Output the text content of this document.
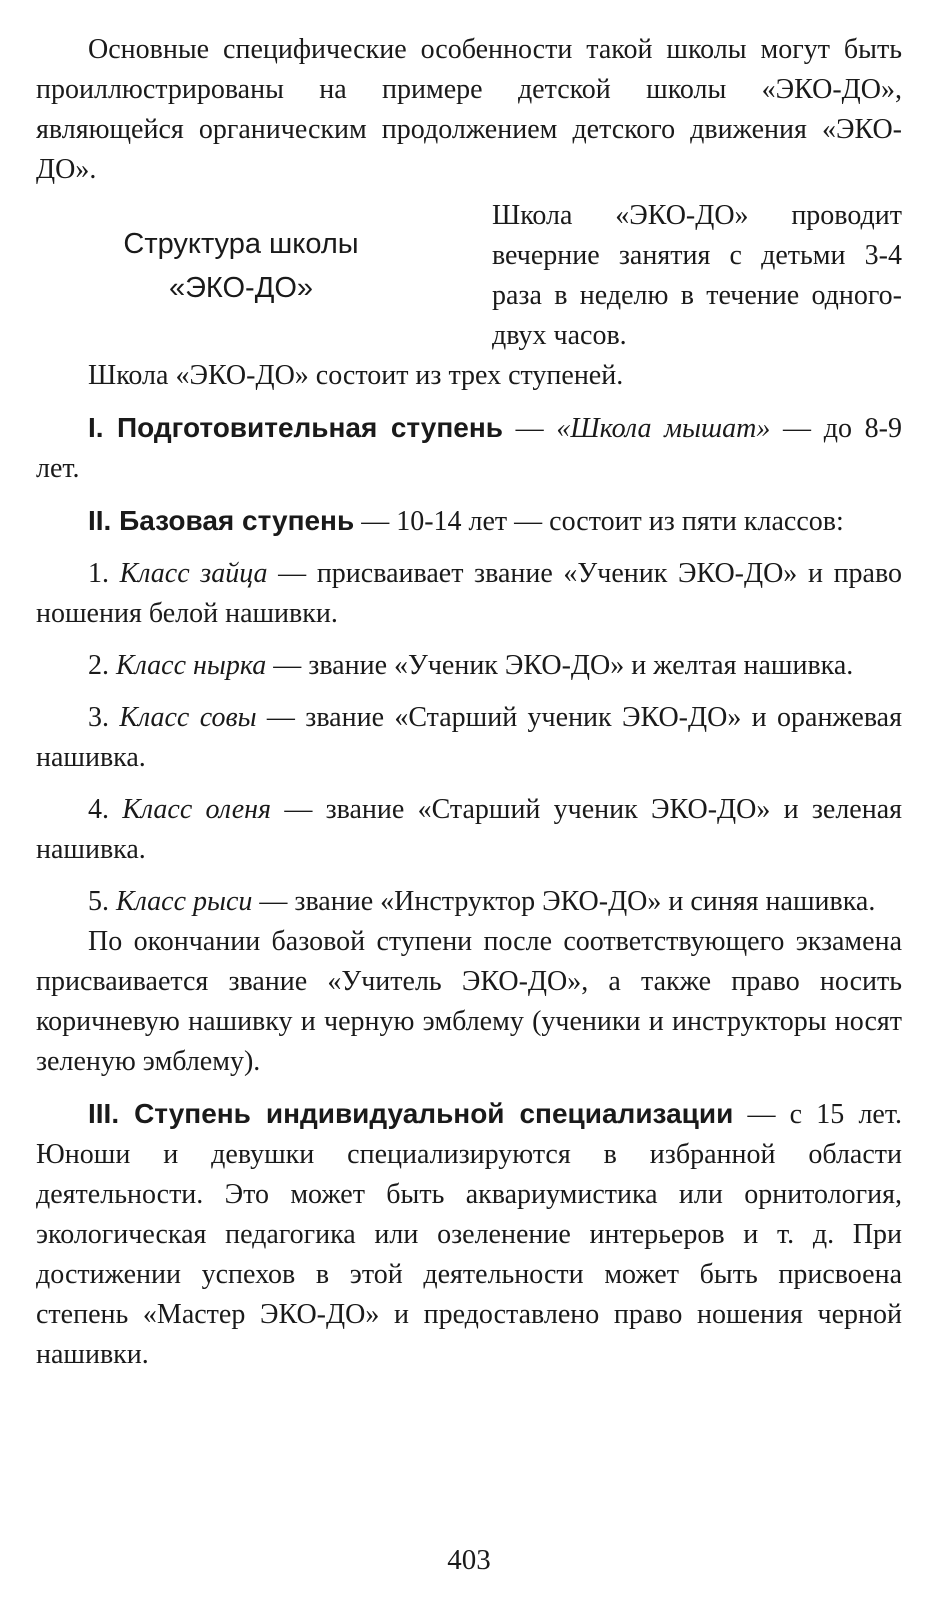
Основные специфические особенности такой школы могут быть проиллюстрированы на примере детской школы «ЭКО-ДО», являющейся органическим продолжением детского движения «ЭКО-ДО».

Структура школы
«ЭКО-ДО»

Школа «ЭКО-ДО» проводит вечерние занятия с детьми 3-4 раза в неделю в течение одного-двух часов.

Школа «ЭКО-ДО» состоит из трех ступеней.

I. Подготовительная ступень — «Школа мышат» — до 8-9 лет.

II. Базовая ступень — 10-14 лет — состоит из пяти классов:

1. Класс зайца — присваивает звание «Ученик ЭКО-ДО» и право ношения белой нашивки.

2. Класс нырка — звание «Ученик ЭКО-ДО» и желтая нашивка.

3. Класс совы — звание «Старший ученик ЭКО-ДО» и оранжевая нашивка.

4. Класс оленя — звание «Старший ученик ЭКО-ДО» и зеленая нашивка.

5. Класс рыси — звание «Инструктор ЭКО-ДО» и синяя нашивка.

По окончании базовой ступени после соответствующего экзамена присваивается звание «Учитель ЭКО-ДО», а также право носить коричневую нашивку и черную эмблему (ученики и инструкторы носят зеленую эмблему).

III. Ступень индивидуальной специализации — с 15 лет. Юноши и девушки специализируются в избранной области деятельности. Это может быть аквариумистика или орнитология, экологическая педагогика или озеленение интерьеров и т. д. При достижении успехов в этой деятельности может быть присвоена степень «Мастер ЭКО-ДО» и предоставлено право ношения черной нашивки.

403
